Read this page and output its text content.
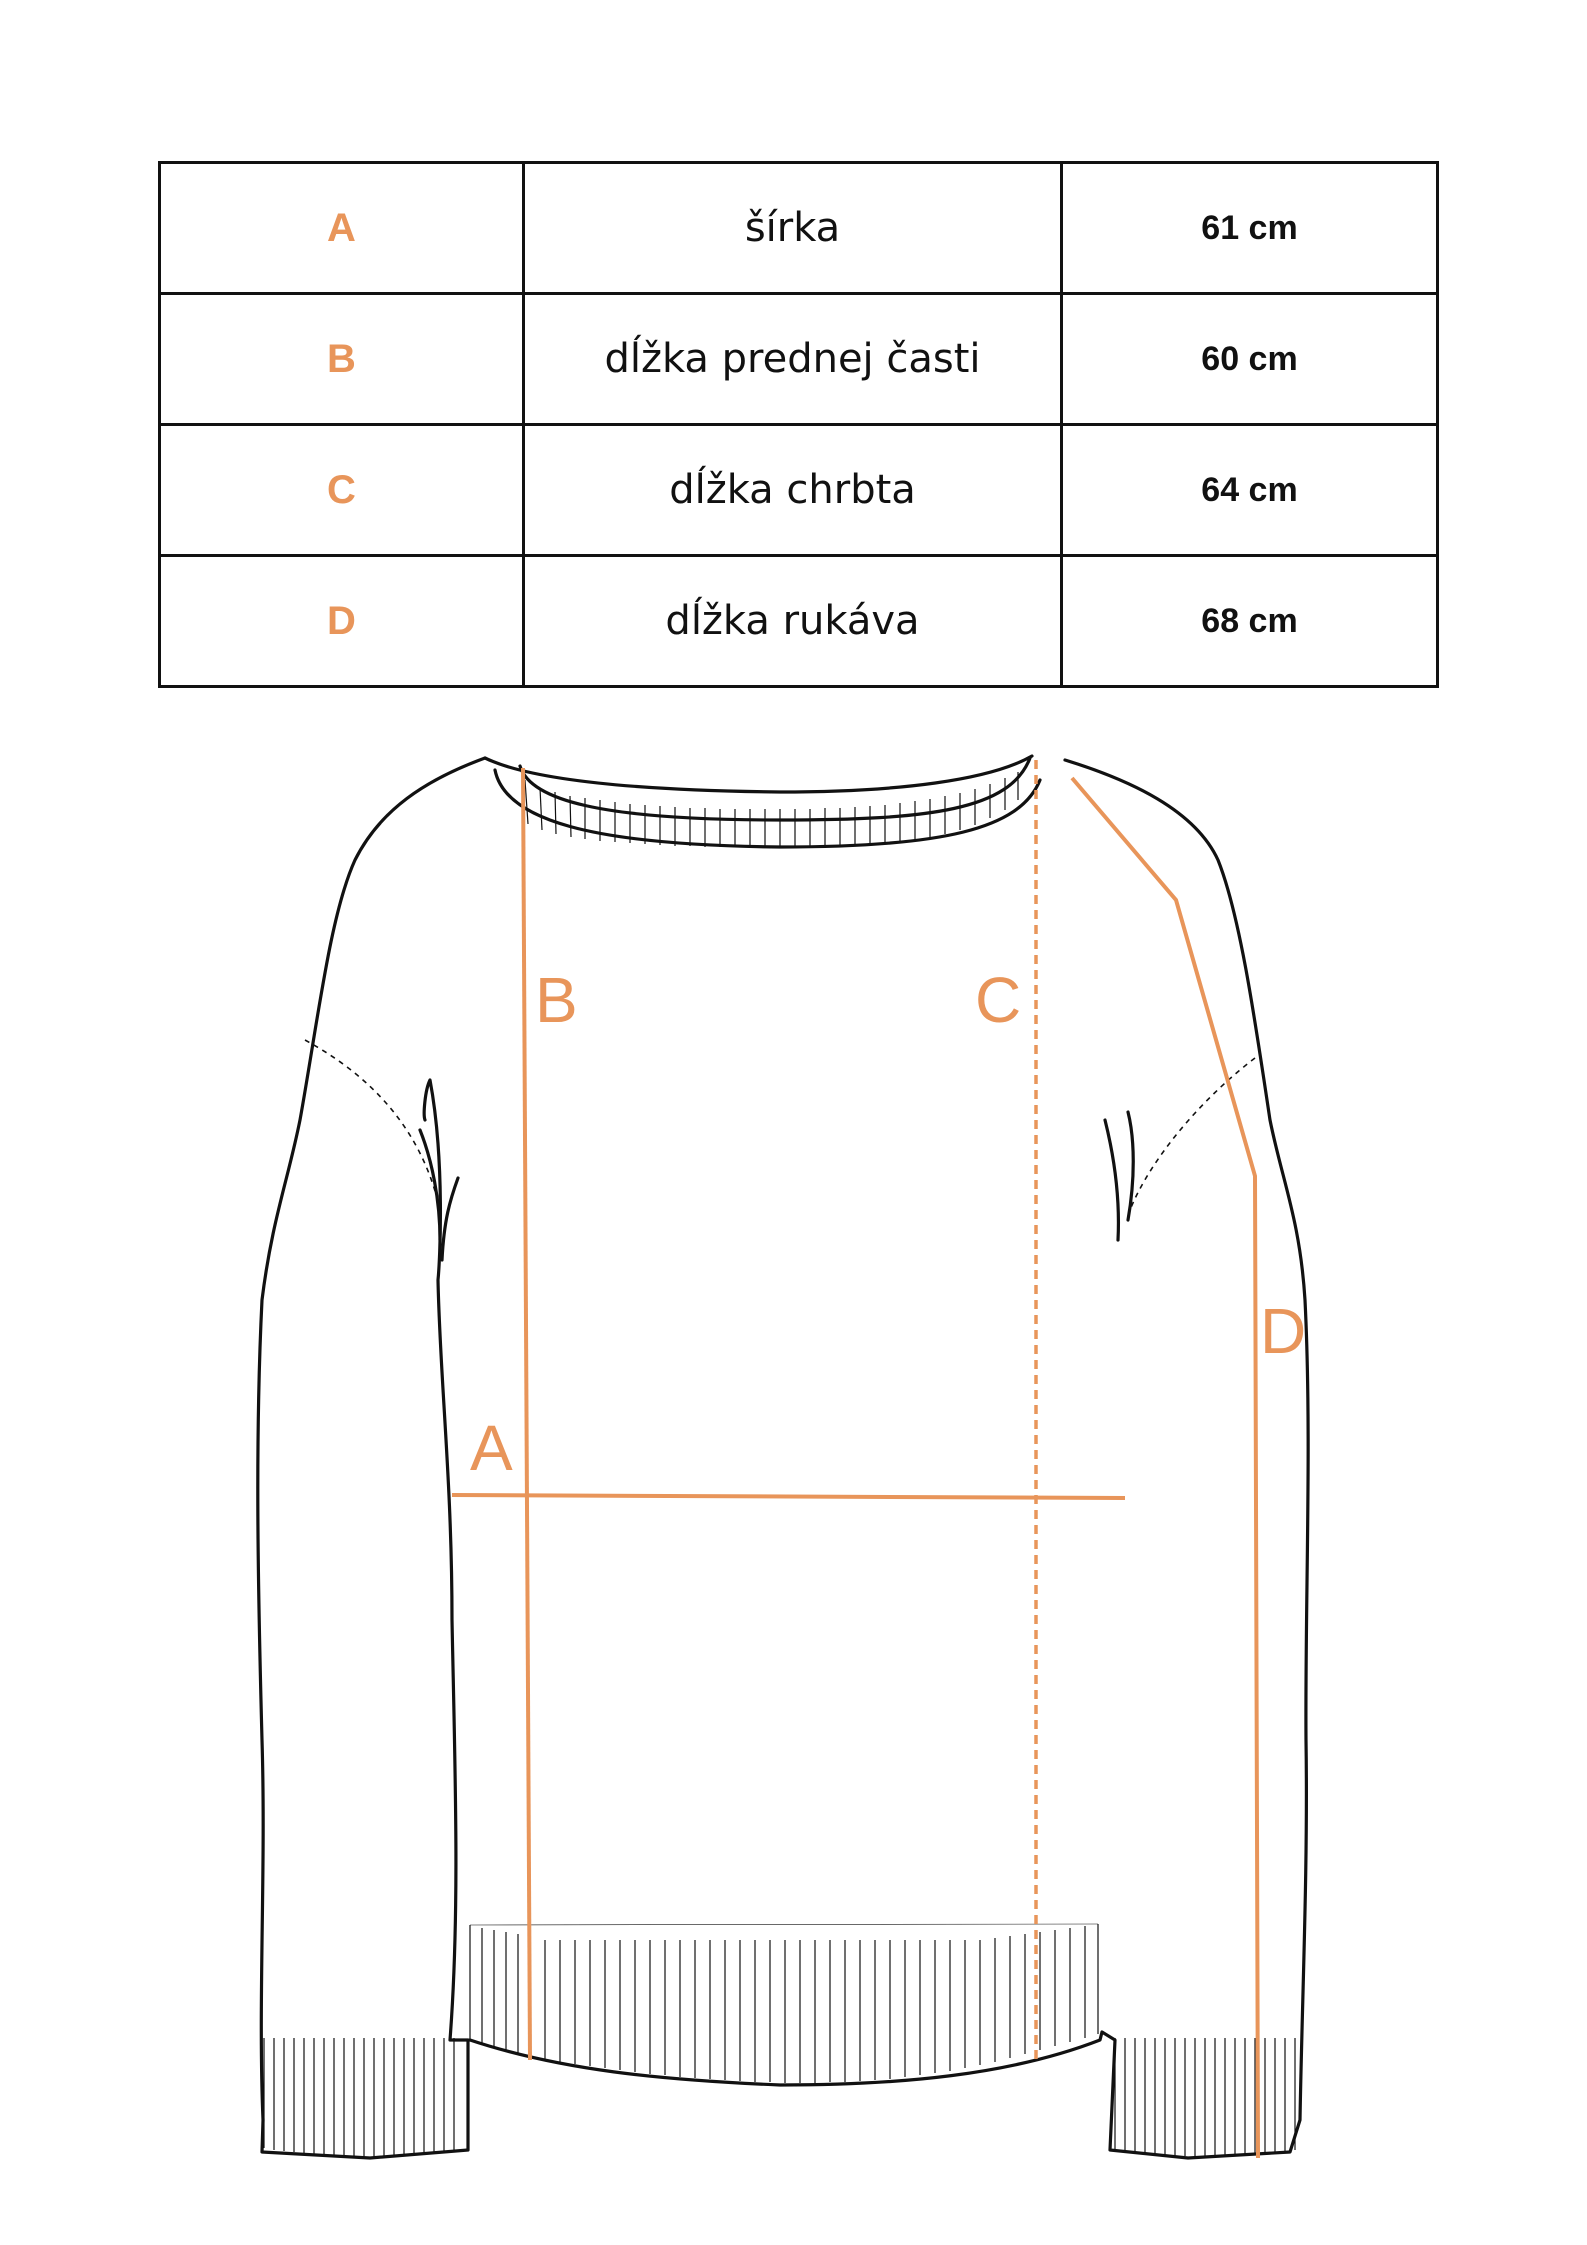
A	šírka	61 cm
B	dĺžka prednej časti	60 cm
C	dĺžka chrbta	64 cm
D	dĺžka rukáva	68 cm
A
B	C
D
